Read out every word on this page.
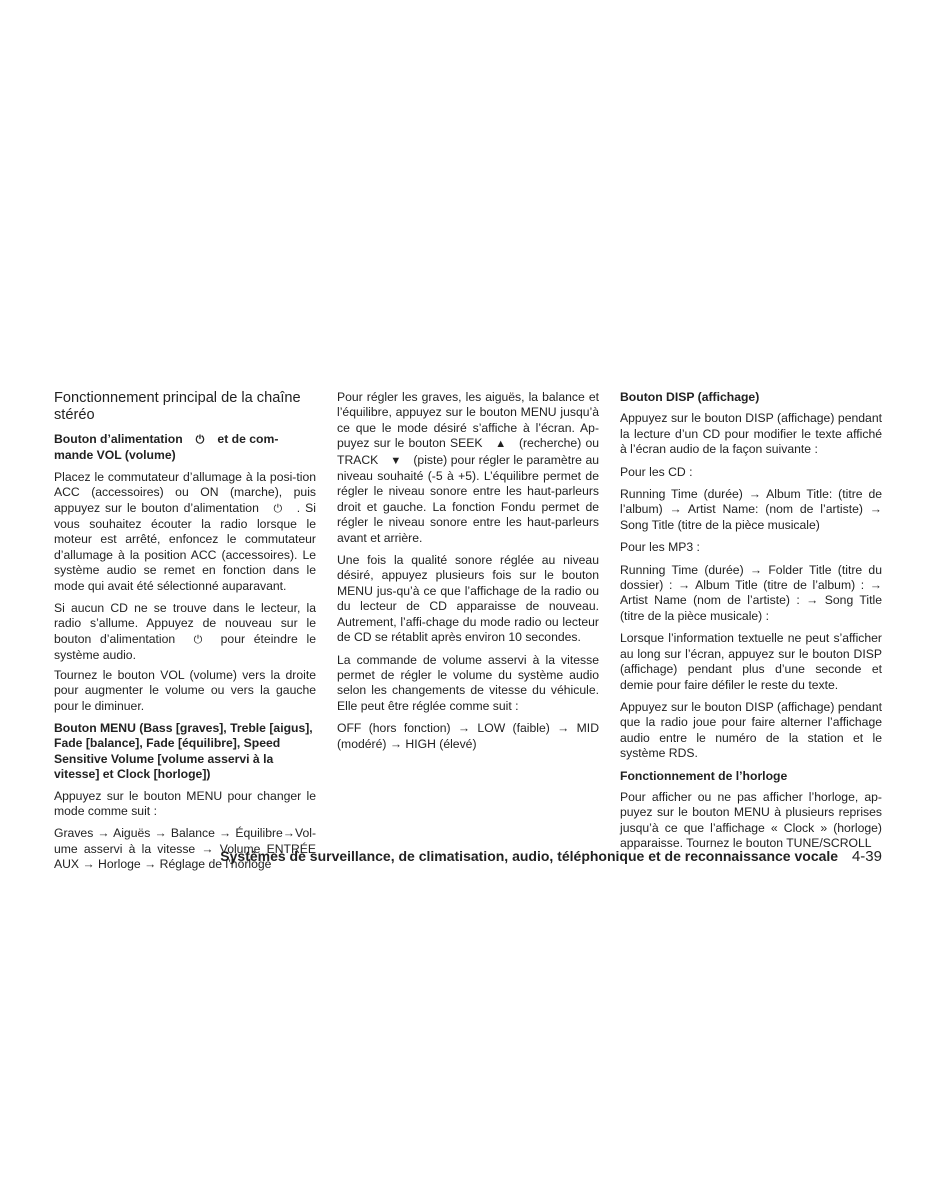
Fonctionnement principal de la chaîne stéréo
Bouton d’alimentation ⏻ et de com-mande VOL (volume)

Placez le commutateur d’allumage à la posi-tion ACC (accessoires) ou ON (marche), puis appuyez sur le bouton d’alimentation ⏻ . Si vous souhaitez écouter la radio lorsque le moteur est arrêté, enfoncez le commutateur d’allumage à la position ACC (accessoires). Le système audio se remet en fonction dans le mode qui avait été sélectionné auparavant.

Si aucun CD ne se trouve dans le lecteur, la radio s’allume. Appuyez de nouveau sur le bouton d’alimentation ⏻ pour éteindre le système audio.

Tournez le bouton VOL (volume) vers la droite pour augmenter le volume ou vers la gauche pour le diminuer.

Bouton MENU (Bass [graves], Treble [aigus], Fade [balance], Fade [équilibre], Speed Sensitive Volume [volume asservi à la vitesse] et Clock [horloge])

Appuyez sur le bouton MENU pour changer le mode comme suit :

Graves → Aiguës → Balance → Équilibre→Vol-ume asservi à la vitesse → Volume ENTRÉE AUX → Horloge → Réglage de l’horloge

Pour régler les graves, les aiguës, la balance et l’équilibre, appuyez sur le bouton MENU jusqu’à ce que le mode désiré s’affiche à l’écran. Ap-puyez sur le bouton SEEK ▲ (recherche) ou TRACK ▼ (piste) pour régler le paramètre au niveau souhaité (-5 à +5). L’équilibre permet de régler le niveau sonore entre les haut-parleurs droit et gauche. La fonction Fondu permet de régler le niveau sonore entre les haut-parleurs avant et arrière.

Une fois la qualité sonore réglée au niveau désiré, appuyez plusieurs fois sur le bouton MENU jus-qu’à ce que l’affichage de la radio ou du lecteur de CD apparaisse de nouveau. Autrement, l’affi-chage du mode radio ou lecteur de CD se rétablit après environ 10 secondes.

La commande de volume asservi à la vitesse permet de régler le volume du système audio selon les changements de vitesse du véhicule. Elle peut être réglée comme suit :

OFF (hors fonction) → LOW (faible) → MID (modéré) → HIGH (élevé)

Bouton DISP (affichage)

Appuyez sur le bouton DISP (affichage) pendant la lecture d’un CD pour modifier le texte affiché à l’écran audio de la façon suivante :

Pour les CD :

Running Time (durée) → Album Title: (titre de l’album) → Artist Name: (nom de l’artiste) → Song Title (titre de la pièce musicale)

Pour les MP3 :

Running Time (durée) → Folder Title (titre du dossier) : → Album Title (titre de l’album) : → Artist Name (nom de l’artiste) : → Song Title (titre de la pièce musicale) :

Lorsque l’information textuelle ne peut s’afficher au long sur l’écran, appuyez sur le bouton DISP (affichage) pendant plus d’une seconde et demie pour faire défiler le reste du texte.

Appuyez sur le bouton DISP (affichage) pendant que la radio joue pour faire alterner l’affichage audio entre le numéro de la station et le système RDS.

Fonctionnement de l’horloge

Pour afficher ou ne pas afficher l’horloge, ap-puyez sur le bouton MENU à plusieurs reprises jusqu’à ce que l’affichage « Clock » (horloge) apparaisse. Tournez le bouton TUNE/SCROLL

Systèmes de surveillance, de climatisation, audio, téléphonique et de reconnaissance vocale 4-39
